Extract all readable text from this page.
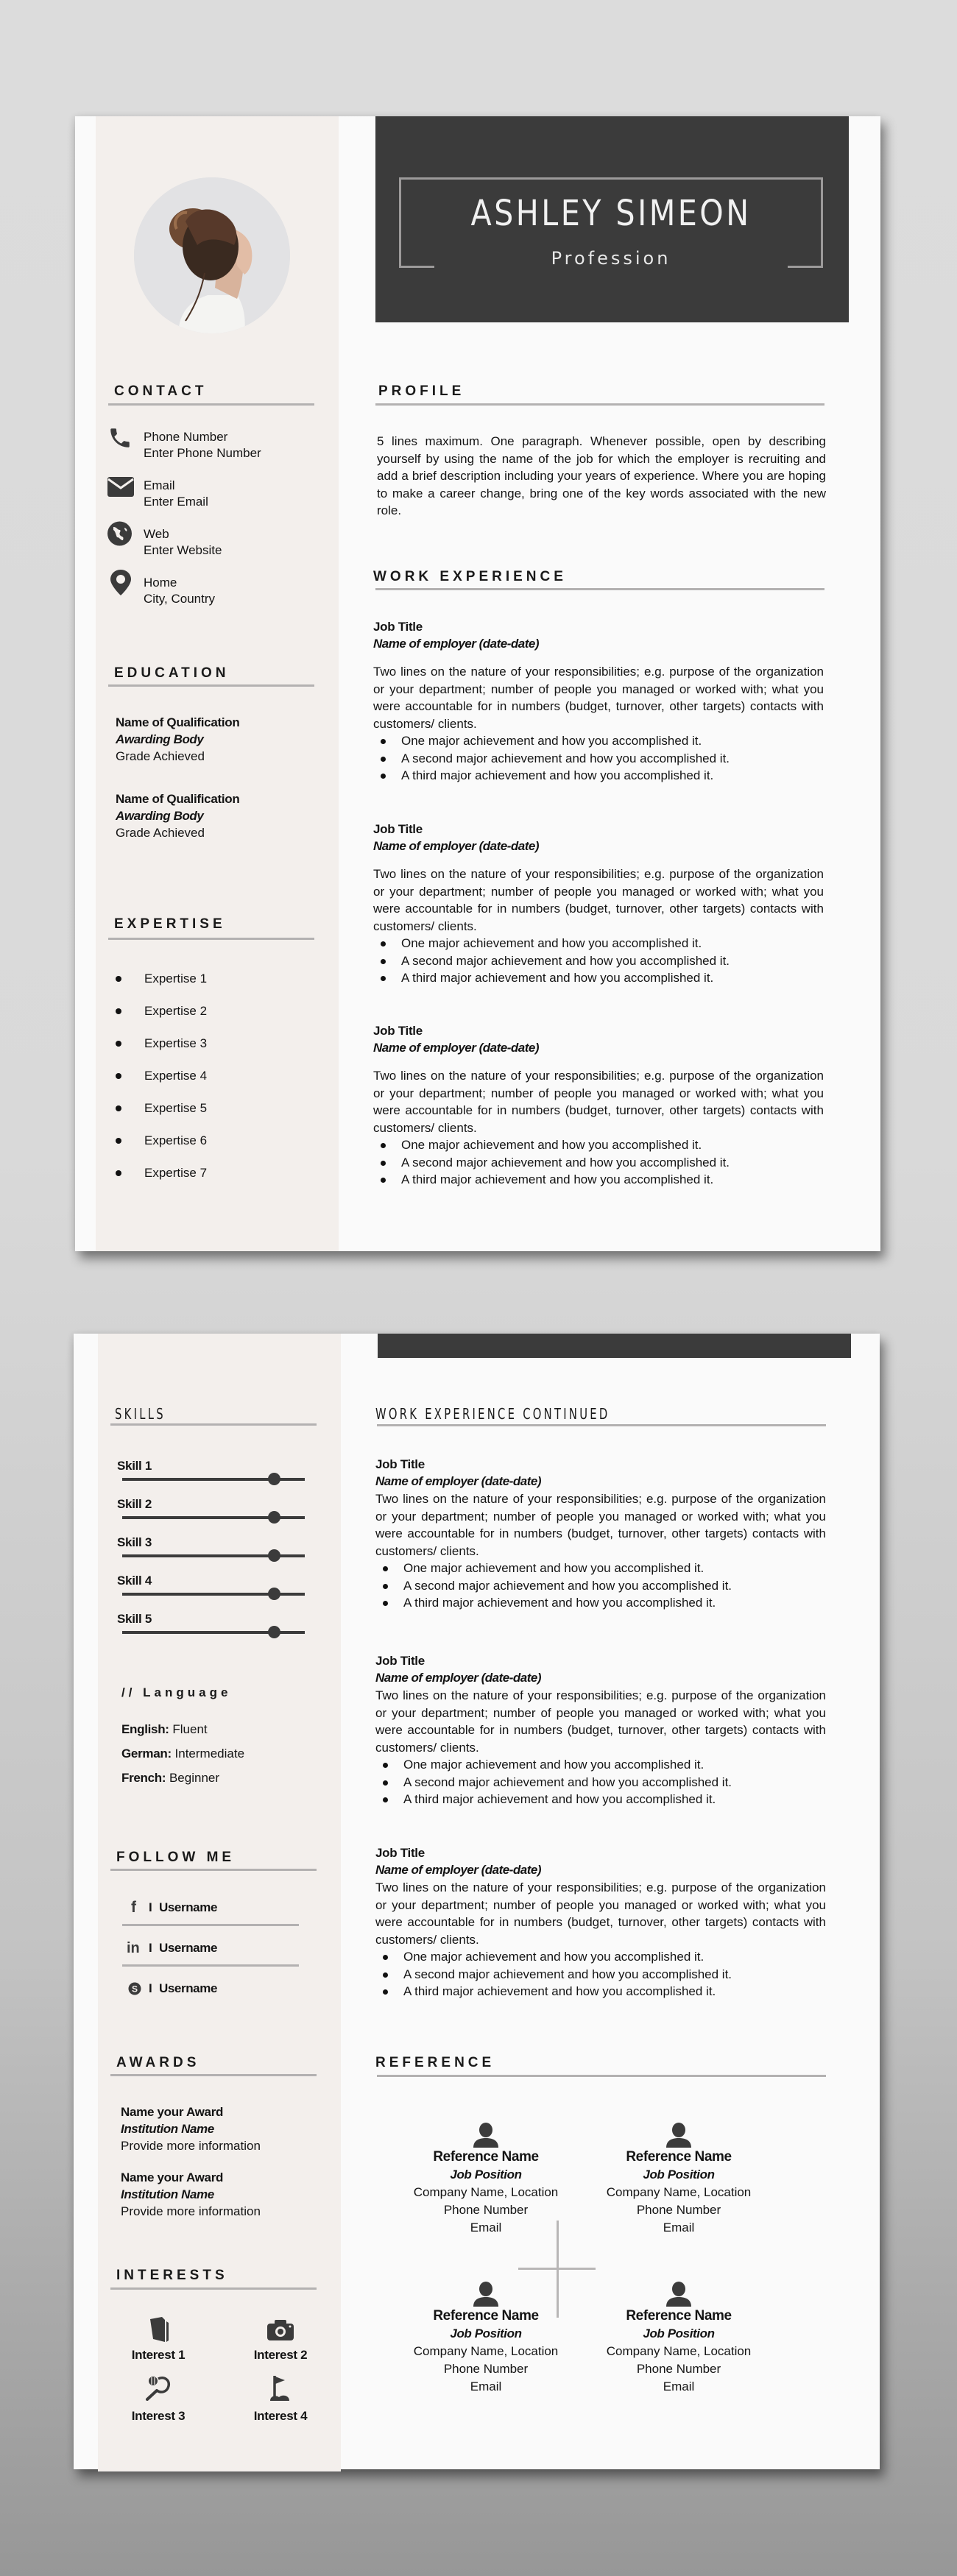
ASHLEY SIMEON
Profession
CONTACT
Phone Number
Enter Phone Number
Email
Enter Email
Web
Enter Website
Home
City, Country
EDUCATION
Name of Qualification
Awarding Body
Grade Achieved
Name of Qualification
Awarding Body
Grade Achieved
EXPERTISE
Expertise 1
Expertise 2
Expertise 3
Expertise 4
Expertise 5
Expertise 6
Expertise 7
PROFILE
5 lines maximum. One paragraph. Whenever possible, open by describing yourself by using the name of the job for which the employer is recruiting and add a brief description including your years of experience. Where you are hoping to make a career change, bring one of the key words associated with the new role.
WORK EXPERIENCE
Job Title
Name of employer (date-date)
Two lines on the nature of your responsibilities; e.g. purpose of the organization or your department; number of people you managed or worked with; what you were accountable for in numbers (budget, turnover, other targets) contacts with customers/ clients.
One major achievement and how you accomplished it.
A second major achievement and how you accomplished it.
A third major achievement and how you accomplished it.
Job Title
Name of employer (date-date)
Two lines on the nature of your responsibilities; e.g. purpose of the organization or your department; number of people you managed or worked with; what you were accountable for in numbers (budget, turnover, other targets) contacts with customers/ clients.
One major achievement and how you accomplished it.
A second major achievement and how you accomplished it.
A third major achievement and how you accomplished it.
Job Title
Name of employer (date-date)
Two lines on the nature of your responsibilities; e.g. purpose of the organization or your department; number of people you managed or worked with; what you were accountable for in numbers (budget, turnover, other targets) contacts with customers/ clients.
One major achievement and how you accomplished it.
A second major achievement and how you accomplished it.
A third major achievement and how you accomplished it.
SKILLS
Skill 1
Skill 2
Skill 3
Skill 4
Skill 5
// Language
English: Fluent
German: Intermediate
French: Beginner
FOLLOW ME
f I Username
in I Username
S I Username
AWARDS
Name your Award
Institution Name
Provide more information
Name your Award
Institution Name
Provide more information
INTERESTS
Interest 1	Interest 2
Interest 3	Interest 4
WORK EXPERIENCE CONTINUED
Job Title
Name of employer (date-date)
Two lines on the nature of your responsibilities; e.g. purpose of the organization or your department; number of people you managed or worked with; what you were accountable for in numbers (budget, turnover, other targets) contacts with customers/ clients.
One major achievement and how you accomplished it.
A second major achievement and how you accomplished it.
A third major achievement and how you accomplished it.
Job Title
Name of employer (date-date)
Two lines on the nature of your responsibilities; e.g. purpose of the organization or your department; number of people you managed or worked with; what you were accountable for in numbers (budget, turnover, other targets) contacts with customers/ clients.
One major achievement and how you accomplished it.
A second major achievement and how you accomplished it.
A third major achievement and how you accomplished it.
Job Title
Name of employer (date-date)
Two lines on the nature of your responsibilities; e.g. purpose of the organization or your department; number of people you managed or worked with; what you were accountable for in numbers (budget, turnover, other targets) contacts with customers/ clients.
One major achievement and how you accomplished it.
A second major achievement and how you accomplished it.
A third major achievement and how you accomplished it.
REFERENCE
Reference Name
Job Position
Company Name, Location
Phone Number
Email
Reference Name
Job Position
Company Name, Location
Phone Number
Email
Reference Name
Job Position
Company Name, Location
Phone Number
Email
Reference Name
Job Position
Company Name, Location
Phone Number
Email
